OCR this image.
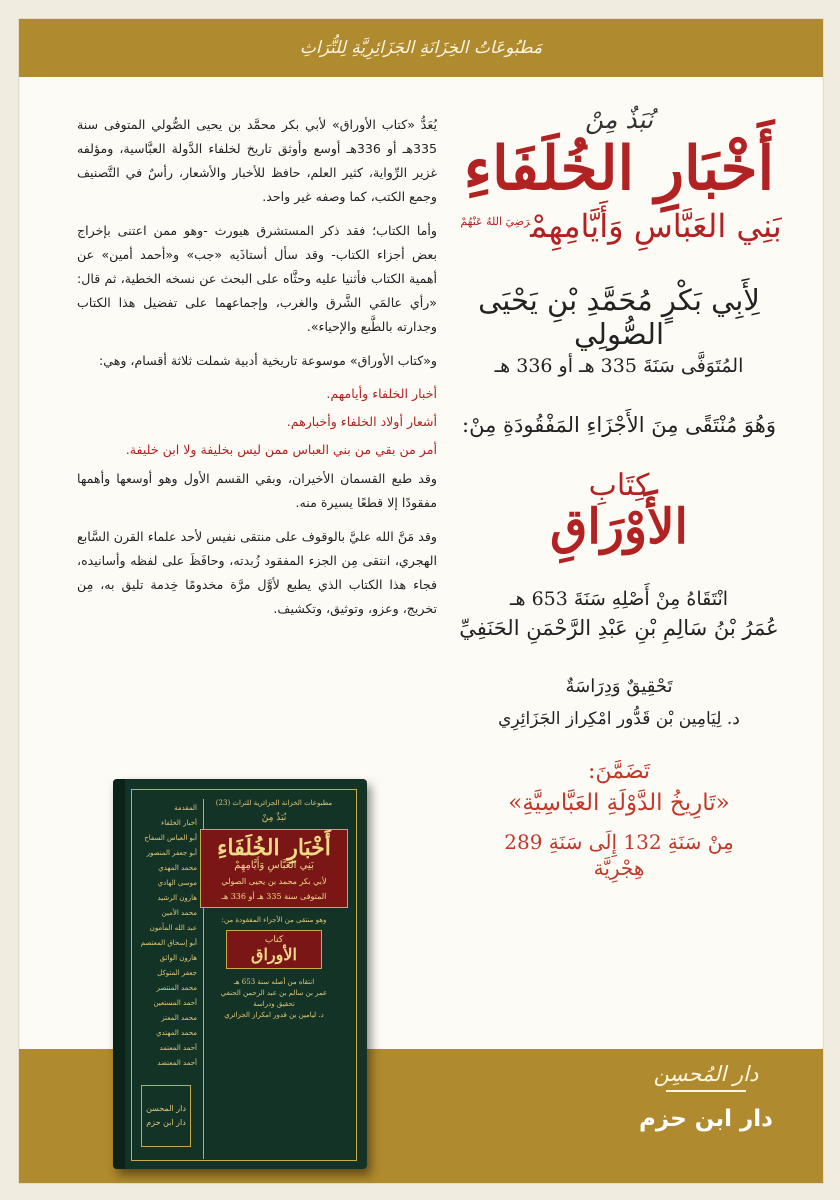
مَطبُوعَاتُ الخِزَانَةِ الجَزَائِرِيَّةِ لِلتُّرَاثِ
نُبَذٌ مِنْ
أَخْبَارِ الخُلَفَاءِ
بَنِي العَبَّاسِ وَأَيَّامِهِمْ$^{رَضِيَ اللهُ عَنْهُمْ}$
لِأَبِي بَكْرٍ مُحَمَّدِ بْنِ يَحْيَى الصُّولِي
المُتَوَفَّى سَنَةَ 335 هـ أو 336 هـ
وَهُوَ مُنْتَقًى مِنَ الأَجْزَاءِ المَفْقُودَةِ مِنْ:
كِتَابِ
الأَوْرَاقِ
انْتَقَاهُ مِنْ أَصْلِهِ سَنَةَ 653 هـ
عُمَرُ بْنُ سَالِمِ بْنِ عَبْدِ الرَّحْمَنِ الحَنَفِيِّ
تَحْقِيقٌ وَدِرَاسَةٌ
د. لِيَامِين بْن قَدُّور امْكِراز الجَزَائِرِي
تَضَمَّنَ:
«تَارِيخُ الدَّوْلَةِ العَبَّاسِيَّةِ»
مِنْ سَنَةِ 132 إِلَى سَنَةِ 289
هِجْرِيَّة

يُعَدُّ «كتاب الأوراق» لأبي بكر محمَّد بن يحيى الصُّولي المتوفى سنة 335هـ أو 336هـ أوسع وأوثق تاريخ لخلفاء الدَّولة العبَّاسية، ومؤلفه غزير الرِّواية، كثير العلم، حافظ للأخبار والأشعار، رأسٌ في التَّصنيف وجمع الكتب، كما وصفه غير واحد.

وأما الكتاب؛ فقد ذكر المستشرق هيورث -وهو ممن اعتنى بإخراج بعض أجزاء الكتاب- وقد سأل أستاذَيه «جب» و«أحمد أمين» عن أهمية الكتاب فأثنيا عليه وحثَّاه على البحث عن نسخه الخطية، ثم قال: «رأي عالمَي الشَّرق والغرب، وإجماعهما على تفضيل هذا الكتاب وجدارته بالطَّبع والإحياء».

و«كتاب الأوراق» موسوعة تاريخية أدبية شملت ثلاثة أقسام، وهي:

أخبار الخلفاء وأيامهم.
أشعار أولاد الخلفاء وأخبارهم.
أمر من بقي من بني العباس ممن ليس بخليفة ولا ابن خليفة.

وقد طبع القسمان الأخيران، وبقي القسم الأول وهو أوسعها وأهمها مفقودًا إلا قطعًا يسيرة منه.

وقد مَنَّ الله عليَّ بالوقوف على منتقى نفيس لأحد علماء القرن السَّابع الهجري، انتقى مِن الجزء المفقود زُبدته، وحافَظَ على لفظه وأسانيده، فجاء هذا الكتاب الذي يطبع لأوَّل مرَّة مخدومًا خِدمة تليق به، مِن تخريج، وعزو، وتوثيق، وتكشيف.

دار المُحسِن
دار ابن حزم
المقدمة
أخبار الخلفاء
أبو العباس السفاح
أبو جعفر المنصور
محمد المهدي
موسى الهادي
هارون الرشيد
محمد الأمين
عبد الله المأمون
أبو إسحاق المعتصم
هارون الواثق
جعفر المتوكل
محمد المنتصر
أحمد المستعين
محمد المعتز
محمد المهتدي
أحمد المعتمد
أحمد المعتضد
دار المحسن
دار ابن حزم
مطبوعات الخزانة الجزائرية للتراث (23)
نُبَذٌ مِنْ
أَخْبَارِ الخُلَفَاءِ
بَنِي العَبَّاسِ وَأَيَّامِهِمْ
لأبي بكر محمد بن يحيى الصولي
المتوفى سنة 335 هـ أو 336 هـ
وهو منتقى من الأجزاء المفقودة من:
كتاب
الأوراق
انتقاه من أصله سنة 653 هـ
عمر بن سالم بن عبد الرحمن الحنفي
تحقيق ودراسة
د. ليامين بن قدور امكراز الجزائري
